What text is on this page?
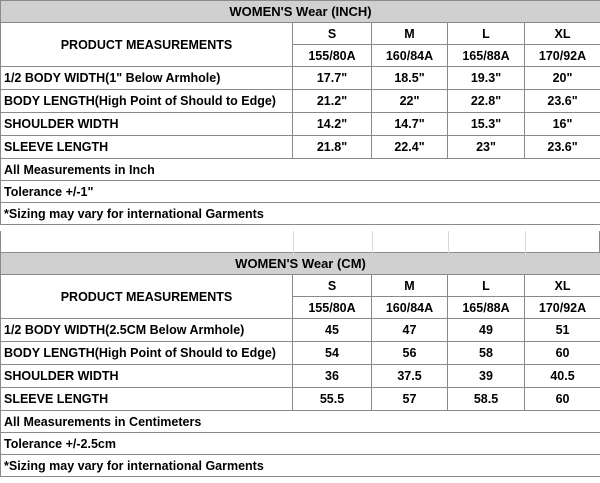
WOMEN'S Wear (INCH)				
PRODUCT MEASUREMENTS	S	M	L	XL
	155/80A	160/84A	165/88A	170/92A
1/2 BODY WIDTH(1" Below Armhole)	17.7"	18.5"	19.3"	20"
BODY LENGTH(High Point of Should to Edge)	21.2"	22"	22.8"	23.6"
SHOULDER WIDTH	14.2"	14.7"	15.3"	16"
SLEEVE LENGTH	21.8"	22.4"	23"	23.6"
All Measurements in Inch				
Tolerance +/-1"				
*Sizing may vary for international Garments				
WOMEN'S Wear (CM)				
PRODUCT MEASUREMENTS	S	M	L	XL
	155/80A	160/84A	165/88A	170/92A
1/2 BODY WIDTH(2.5CM Below Armhole)	45	47	49	51
BODY LENGTH(High Point of Should to Edge)	54	56	58	60
SHOULDER WIDTH	36	37.5	39	40.5
SLEEVE LENGTH	55.5	57	58.5	60
All Measurements in Centimeters				
Tolerance +/-2.5cm				
*Sizing may vary for international Garments				
